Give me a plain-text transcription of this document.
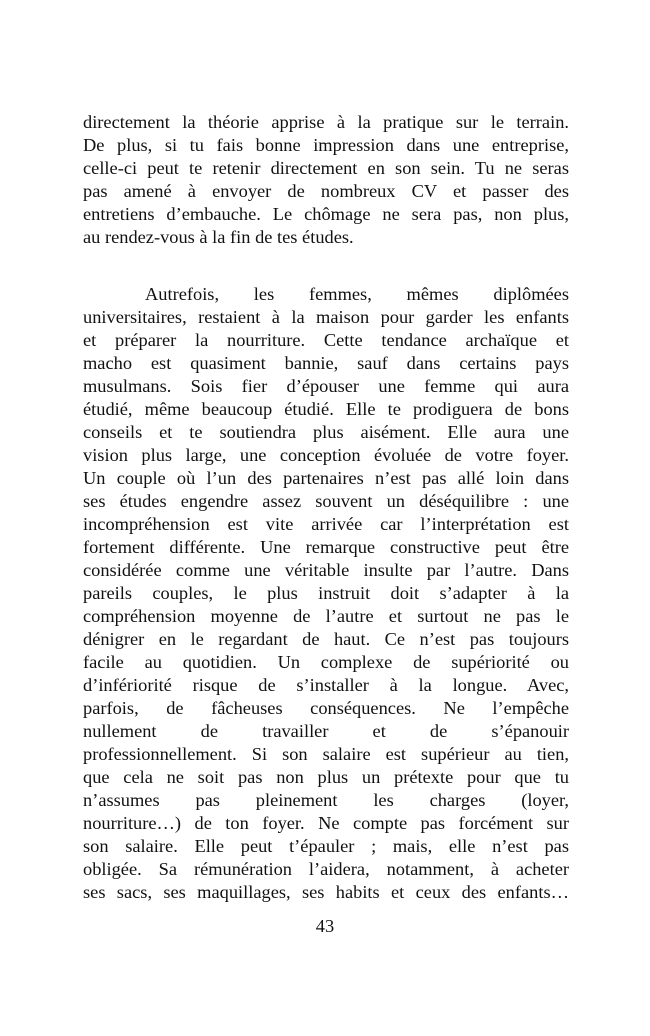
directement la théorie apprise à la pratique sur le terrain.
De plus, si tu fais bonne impression dans une entreprise,
celle-ci peut te retenir directement en son sein. Tu ne seras
pas amené à envoyer de nombreux CV et passer des
entretiens d’embauche. Le chômage ne sera pas, non plus,
au rendez-vous à la fin de tes études.
Autrefois, les femmes, mêmes diplômées
universitaires, restaient à la maison pour garder les enfants
et préparer la nourriture. Cette tendance archaïque et
macho est quasiment bannie, sauf dans certains pays
musulmans. Sois fier d’épouser une femme qui aura
étudié, même beaucoup étudié. Elle te prodiguera de bons
conseils et te soutiendra plus aisément. Elle aura une
vision plus large, une conception évoluée de votre foyer.
Un couple où l’un des partenaires n’est pas allé loin dans
ses études engendre assez souvent un déséquilibre : une
incompréhension est vite arrivée car l’interprétation est
fortement différente. Une remarque constructive peut être
considérée comme une véritable insulte par l’autre. Dans
pareils couples, le plus instruit doit s’adapter à la
compréhension moyenne de l’autre et surtout ne pas le
dénigrer en le regardant de haut. Ce n’est pas toujours
facile au quotidien. Un complexe de supériorité ou
d’infériorité risque de s’installer à la longue. Avec,
parfois, de fâcheuses conséquences. Ne l’empêche
nullement de travailler et de s’épanouir
professionnellement. Si son salaire est supérieur au tien,
que cela ne soit pas non plus un prétexte pour que tu
n’assumes pas pleinement les charges (loyer,
nourriture…) de ton foyer. Ne compte pas forcément sur
son salaire. Elle peut t’épauler ; mais, elle n’est pas
obligée. Sa rémunération l’aidera, notamment, à acheter
ses sacs, ses maquillages, ses habits et ceux des enfants…
43
